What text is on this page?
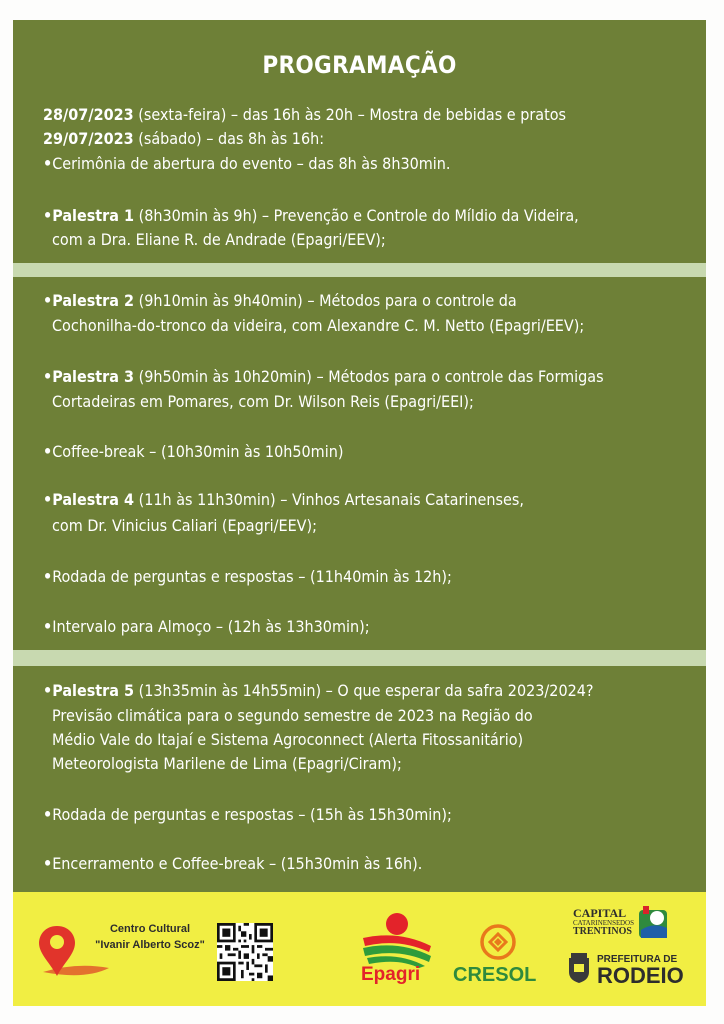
PROGRAMAÇÃO
28/07/2023 (sexta-feira) – das 16h às 20h – Mostra de bebidas e pratos
29/07/2023 (sábado) – das 8h às 16h:
•Cerimônia de abertura do evento – das 8h às 8h30min.
•Palestra 1 (8h30min às 9h) – Prevenção e Controle do Míldio da Videira,
com a Dra. Eliane R. de Andrade (Epagri/EEV);
•Palestra 2 (9h10min às 9h40min) – Métodos para o controle da
Cochonilha-do-tronco da videira, com Alexandre C. M. Netto (Epagri/EEV);
•Palestra 3 (9h50min às 10h20min) – Métodos para o controle das Formigas
Cortadeiras em Pomares, com Dr. Wilson Reis (Epagri/EEI);
•Coffee-break – (10h30min às 10h50min)
•Palestra 4 (11h às 11h30min) – Vinhos Artesanais Catarinenses,
com Dr. Vinicius Caliari (Epagri/EEV);
•Rodada de perguntas e respostas – (11h40min às 12h);
•Intervalo para Almoço – (12h às 13h30min);
•Palestra 5 (13h35min às 14h55min) – O que esperar da safra 2023/2024?
Previsão climática para o segundo semestre de 2023 na Região do
Médio Vale do Itajaí e Sistema Agroconnect (Alerta Fitossanitário)
Meteorologista Marilene de Lima (Epagri/Ciram);
•Rodada de perguntas e respostas – (15h às 15h30min);
•Encerramento e Coffee-break – (15h30min às 16h).
Centro Cultural
"Ivanir Alberto Scoz"
Epagri CRESOL
CAPITAL
CATARINENSE DOS
TRENTINOS
PREFEITURA DE
RODEIO
